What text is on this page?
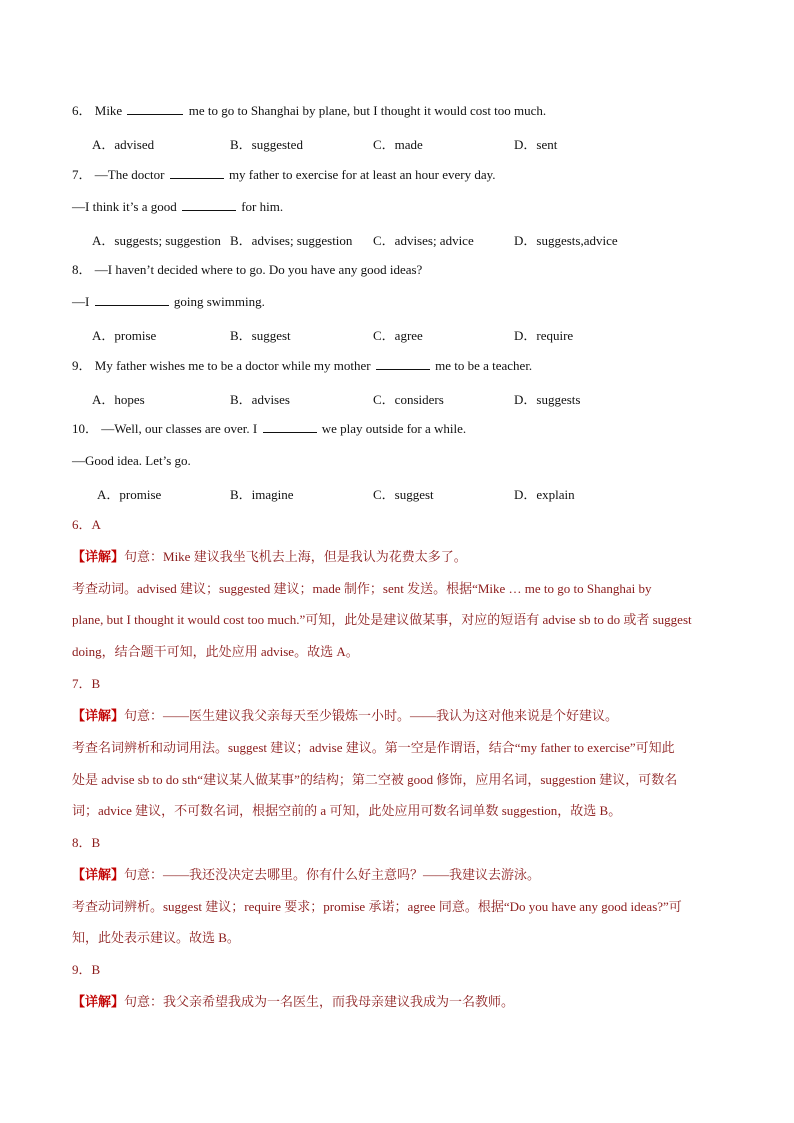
6． Mike	me to go to Shanghai by plane, but I thought it would cost too much.
A．advised	B．suggested	C．made	D．sent
7． —The doctor	my father to exercise for at least an hour every day.
—I think it’s a good	for him.
A．suggests; suggestion B．advises; suggestion C．advises; advice	D．suggests,advice
8． —I haven’t decided where to go. Do you have any good ideas?
—I	going swimming.
A．promise	B．suggest	C．agree	D．require
9． My father wishes me to be a doctor while my mother	me to be a teacher.
A．hopes	B．advises	C．considers	D．suggests
10． —Well, our classes are over. I	we play outside for a while.
—Good idea. Let’s go.
A．promise	B．imagine	C．suggest	D．explain
6．A
【详解】句意：Mike 建议我坐飞机去上海，但是我认为花费太多了。
考查动词。advised 建议；suggested 建议；made 制作；sent 发送。根据“Mike … me to go to Shanghai by
plane, but I thought it would cost too much.”可知，此处是建议做某事，对应的短语有 advise sb to do 或者 suggest
doing，结合题干可知，此处应用 advise。故选 A。
7．B
【详解】句意：——医生建议我父亲每天至少锻炼一小时。——我认为这对他来说是个好建议。
考查名词辨析和动词用法。suggest 建议；advise 建议。第一空是作谓语，结合“my father to exercise”可知此
处是 advise sb to do sth“建议某人做某事”的结构；第二空被 good 修饰，应用名词，suggestion 建议，可数名
词；advice 建议，不可数名词，根据空前的 a 可知，此处应用可数名词单数 suggestion，故选 B。
8．B
【详解】句意：——我还没决定去哪里。你有什么好主意吗？——我建议去游泳。
考查动词辨析。suggest 建议；require 要求；promise 承诺；agree 同意。根据“Do you have any good ideas?”可
知，此处表示建议。故选 B。
9．B
【详解】句意：我父亲希望我成为一名医生，而我母亲建议我成为一名教师。
